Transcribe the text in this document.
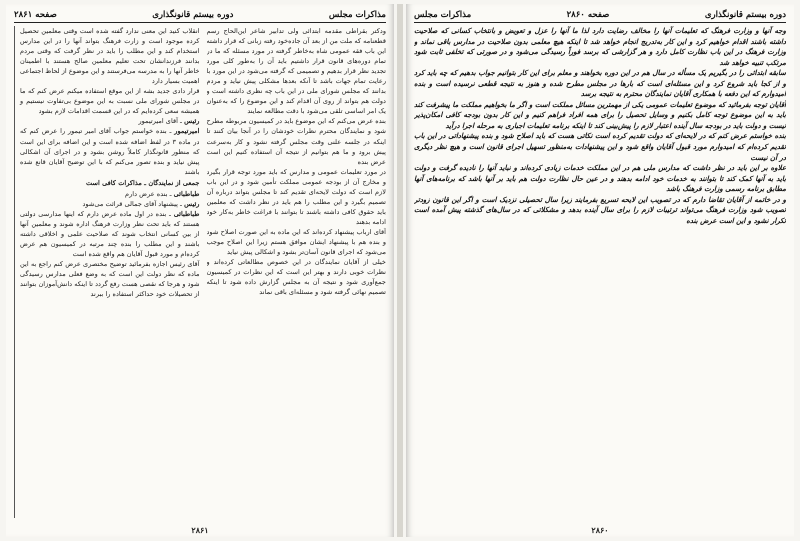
مذاکرات مجلس
دوره بیستم قانونگذاری
صفحه ۲۸۶۱

ودکتر بقراطی مقدمه ابتدائی ولی تدابیر شاعر این‌الحاج رسم قطعنامه که ملت من از بعد آن جاده‌خود رفته زبانی که قرار داشته این باب فقه عمومی شاه به‌خاطر گرفته در مورد مسئله که ما در تمام دوره‌های قانون قرار داشتیم باید آن را به‌طور کلی مورد تجدید نظر قرار بدهیم و تصمیمی که گرفته می‌شود در این مورد با رعایت تمام جهات باشد تا آنکه بعدها مشکلی پیش نیاید و مردم بدانند که مجلس شورای ملی در این باب چه نظری داشته است و دولت هم بتواند از روی آن اقدام کند و این موضوع را که به‌عنوان یک امر اساسی تلقی می‌شود با دقت مطالعه نمایند

بنده عرض می‌کنم که این موضوع باید در کمیسیون مربوطه مطرح شود و نمایندگان محترم نظرات خودشان را در آنجا بیان کنند تا اینکه در جلسه علنی وقت مجلس گرفته نشود و کار به‌سرعت پیش برود و ما هم بتوانیم از نتیجه آن استفاده کنیم این است عرض بنده

در مورد تعلیمات عمومی و مدارس که باید مورد توجه قرار بگیرد و مخارج آن از بودجه عمومی مملکت تأمین شود و در این باب لازم است که دولت لایحه‌ای تقدیم کند تا مجلس بتواند درباره آن تصمیم بگیرد و این مطلب را هم باید در نظر داشت که معلمین باید حقوق کافی داشته باشند تا بتوانند با فراغت خاطر به‌کار خود ادامه بدهند

آقای ارباب پیشنهاد کرده‌اند که این ماده به این صورت اصلاح شود و بنده هم با پیشنهاد ایشان موافق هستم زیرا این اصلاح موجب می‌شود که اجرای قانون آسان‌تر بشود و اشکالی پیش نیاید

خیلی از آقایان نمایندگان در این خصوص مطالعاتی کرده‌اند و نظرات خوبی دارند و بهتر این است که این نظرات در کمیسیون جمع‌آوری شود و نتیجه آن به مجلس گزارش داده شود تا اینکه تصمیم نهائی گرفته شود و مسئله‌ای باقی نماند

انقلاب کنید این معنی ندارد گفته شده است وقتی معلمین تحصیل کرده موجود است و زارت فرهنگ بتواند آنها را در این مدارس استخدام کند و این مطلب را باید در نظر گرفت که وقتی مردم بدانند فرزندانشان تحت تعلیم معلمین صالح هستند با اطمینان خاطر آنها را به مدرسه می‌فرستند و این موضوع از لحاظ اجتماعی اهمیت بسیار دارد

قرار دادی جدید بشه از این موقع استفاده میکنم عرض کنم که ما در مجلس شورای ملی نسبت به این موضوع بی‌تفاوت نیستیم و همیشه سعی کرده‌ایم که در این قسمت اقدامات لازم بشود

رئیس ـ آقای امیرتیمور

امیرتیمور ـ بنده خواستم جواب آقای امیر تیمور را عرض کنم که در ماده ۳ در لفظ اضافه شده است و این اضافه برای این است که منظور قانونگذار کاملاً روشن بشود و در اجرای آن اشکالی پیش نیاید و بنده تصور می‌کنم که با این توضیح آقایان قانع شده باشند

جمعی از نمایندگان ـ مذاکرات کافی است

طباطبائی ـ بنده عرض دارم

رئیس ـ پیشنهاد آقای جمالی قرائت می‌شود

طباطبائی ـ بنده در اول ماده عرض دارم که اینها مدارسی دولتی هستند که باید تحت نظر وزارت فرهنگ اداره شوند و معلمین آنها از بین کسانی انتخاب شوند که صلاحیت علمی و اخلاقی داشته باشند و این مطلب را بنده چند مرتبه در کمیسیون هم عرض کرده‌ام و مورد قبول آقایان هم واقع شده است

آقای رئیس اجازه بفرمائید توضیح مختصری عرض کنم راجع به این ماده که نظر دولت این است که به وضع فعلی مدارس رسیدگی شود و هرجا که نقصی هست رفع گردد تا اینکه دانش‌آموزان بتوانند از تحصیلات خود حداکثر استفاده را ببرند

۲۸۶۱
دوره بیستم قانونگذاری
صفحه ۲۸۶۰
مذاکرات مجلس

وجه آنها و وزارت فرهنگ که تعلیمات آنها را مخالف رضایت دارد لذا ما آنها را عزل و تعویض و بانتخاب کسانی که صلاحیت داشته باشند اقدام خواهیم کرد و این کار به‌تدریج انجام خواهد شد تا اینکه هیچ معلمی بدون صلاحیت در مدارس باقی نماند و وزارت فرهنگ در این باب نظارت کامل دارد و هر گزارشی که برسد فوراً رسیدگی می‌شود و در صورتی که تخلفی ثابت شود مرتکب تنبیه خواهد شد

سابقه ابتدائی را در بگیریم یک مسأله در سال هم در این دوره بخواهند و معلم برای این کار بتوانیم جواب بدهیم که چه باید کرد و از کجا باید شروع کرد و این مسئله‌ای است که بارها در مجلس مطرح شده و هنوز به نتیجه قطعی نرسیده است و بنده امیدوارم که این دفعه با همکاری آقایان نمایندگان محترم به نتیجه برسد

آقایان توجه بفرمائید که موضوع تعلیمات عمومی یکی از مهمترین مسائل مملکت است و اگر ما بخواهیم مملکت ما پیشرفت کند باید به این موضوع توجه کامل بکنیم و وسایل تحصیل را برای همه افراد فراهم کنیم و این کار بدون بودجه کافی امکان‌پذیر نیست و دولت باید در بودجه سال آینده اعتبار لازم را پیش‌بینی کند تا اینکه برنامه تعلیمات اجباری به مرحله اجرا درآید

بنده خواستم عرض کنم که در لایحه‌ای که دولت تقدیم کرده است نکاتی هست که باید اصلاح شود و بنده پیشنهاداتی در این باب تقدیم کرده‌ام که امیدوارم مورد قبول آقایان واقع شود و این پیشنهادات به‌منظور تسهیل اجرای قانون است و هیچ نظر دیگری در آن نیست

علاوه بر این باید در نظر داشت که مدارس ملی هم در این مملکت خدمات زیادی کرده‌اند و نباید آنها را نادیده گرفت و دولت باید به آنها کمک کند تا بتوانند به خدمات خود ادامه بدهند و در عین حال نظارت دولت هم باید بر آنها باشد که برنامه‌های آنها مطابق برنامه رسمی وزارت فرهنگ باشد

و در خاتمه از آقایان تقاضا دارم که در تصویب این لایحه تسریع بفرمایند زیرا سال تحصیلی نزدیک است و اگر این قانون زودتر تصویب شود وزارت فرهنگ می‌تواند ترتیبات لازم را برای سال آینده بدهد و مشکلاتی که در سال‌های گذشته پیش آمده است تکرار نشود و این است عرض بنده

۲۸۶۰
